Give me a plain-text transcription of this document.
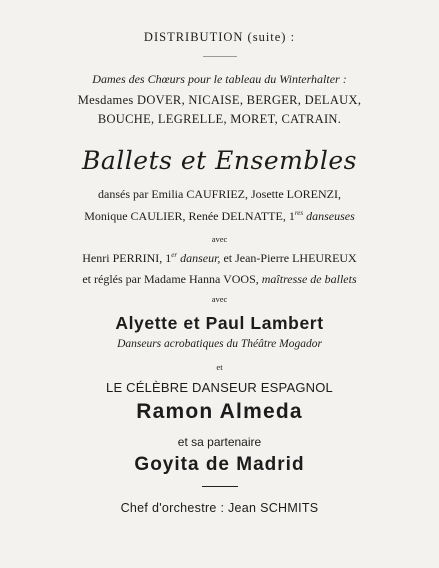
DISTRIBUTION (suite) :
Dames des Chœurs pour le tableau du Winterhalter :
Mesdames DOVER, NICAISE, BERGER, DELAUX,
BOUCHE, LEGRELLE, MORET, CATRAIN.
Ballets et Ensembles
dansés par Emilia CAUFRIEZ, Josette LORENZI,
Monique CAULIER, Renée DELNATTE, 1res danseuses
avec
Henri PERRINI, 1er danseur, et Jean-Pierre LHEUREUX
et réglés par Madame Hanna VOOS, maîtresse de ballets
avec
Alyette et Paul Lambert
Danseurs acrobatiques du Théâtre Mogador
et
LE CÉLÈBRE DANSEUR ESPAGNOL
Ramon Almeda
et sa partenaire
Goyita de Madrid
Chef d'orchestre : Jean SCHMITS
